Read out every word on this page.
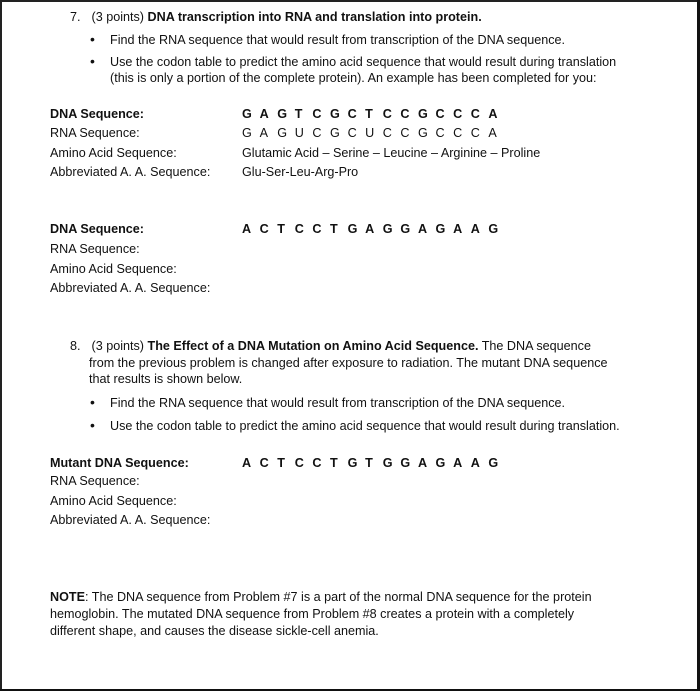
7. (3 points) DNA transcription into RNA and translation into protein.
• Find the RNA sequence that would result from transcription of the DNA sequence.
• Use the codon table to predict the amino acid sequence that would result during translation
(this is only a portion of the complete protein). An example has been completed for you:
DNA Sequence:	G A G T C G C T C C G C C C A
RNA Sequence:	G A G U C G C U C C G C C C A
Amino Acid Sequence:	Glutamic Acid – Serine – Leucine – Arginine – Proline
Abbreviated A. A. Sequence:	Glu-Ser-Leu-Arg-Pro
DNA Sequence:	A C T C C T G A G G A G A A G
RNA Sequence:
Amino Acid Sequence:
Abbreviated A. A. Sequence:
8. (3 points) The Effect of a DNA Mutation on Amino Acid Sequence. The DNA sequence
from the previous problem is changed after exposure to radiation. The mutant DNA sequence
that results is shown below.
• Find the RNA sequence that would result from transcription of the DNA sequence.
• Use the codon table to predict the amino acid sequence that would result during translation.
Mutant DNA Sequence:	A C T C C T G T G G A G A A G
RNA Sequence:
Amino Acid Sequence:
Abbreviated A. A. Sequence:
NOTE: The DNA sequence from Problem #7 is a part of the normal DNA sequence for the protein
hemoglobin. The mutated DNA sequence from Problem #8 creates a protein with a completely
different shape, and causes the disease sickle-cell anemia.
